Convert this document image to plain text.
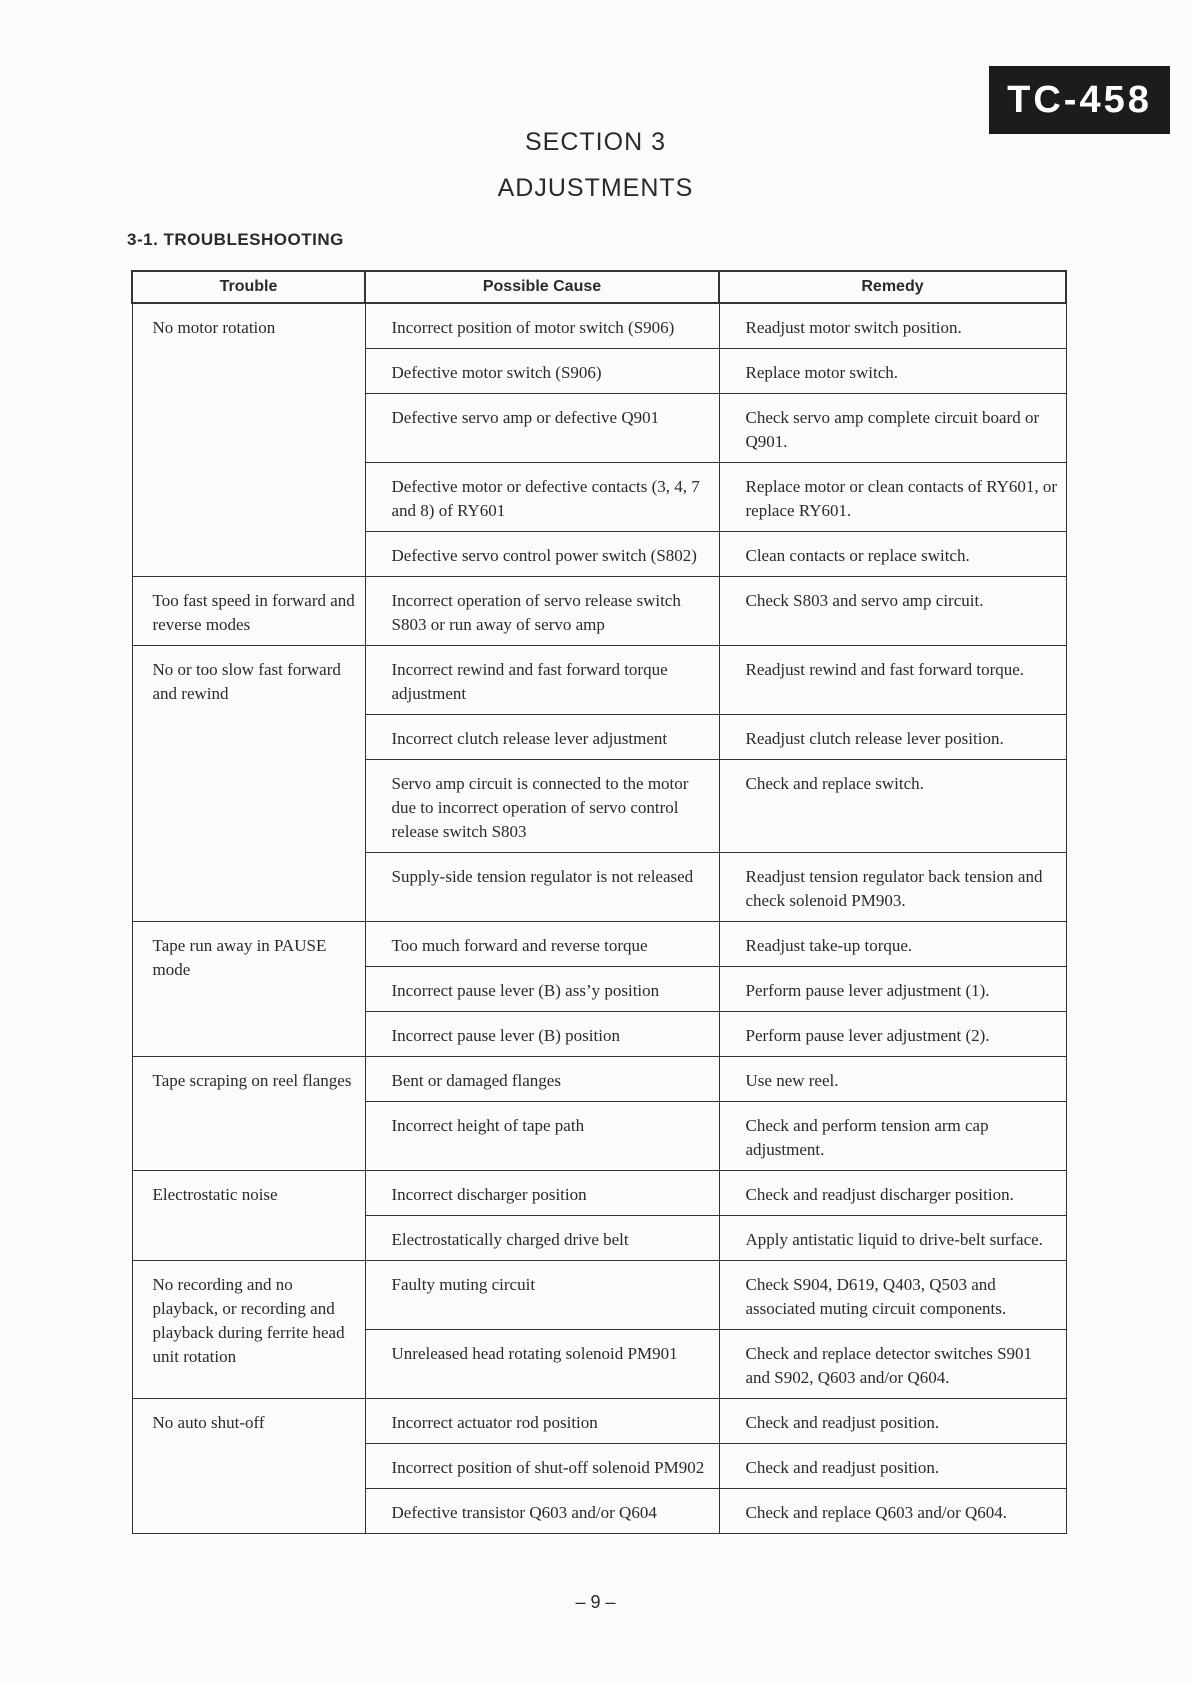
TC-458
SECTION 3
ADJUSTMENTS
3-1. TROUBLESHOOTING
Trouble	Possible Cause	Remedy
No motor rotation	Incorrect position of motor switch (S906)	Readjust motor switch position.
	Defective motor switch (S906)	Replace motor switch.
	Defective servo amp or defective Q901	Check servo amp complete circuit board or Q901.
	Defective motor or defective contacts (3, 4, 7 and 8) of RY601	Replace motor or clean contacts of RY601, or replace RY601.
	Defective servo control power switch (S802)	Clean contacts or replace switch.
Too fast speed in forward and reverse modes	Incorrect operation of servo release switch S803 or run away of servo amp	Check S803 and servo amp circuit.
No or too slow fast forward and rewind	Incorrect rewind and fast forward torque adjustment	Readjust rewind and fast forward torque.
	Incorrect clutch release lever adjustment	Readjust clutch release lever position.
	Servo amp circuit is connected to the motor due to incorrect operation of servo control release switch S803	Check and replace switch.
	Supply-side tension regulator is not released	Readjust tension regulator back tension and check solenoid PM903.
Tape run away in PAUSE mode	Too much forward and reverse torque	Readjust take-up torque.
	Incorrect pause lever (B) ass’y position	Perform pause lever adjustment (1).
	Incorrect pause lever (B) position	Perform pause lever adjustment (2).
Tape scraping on reel flanges	Bent or damaged flanges	Use new reel.
	Incorrect height of tape path	Check and perform tension arm cap adjustment.
Electrostatic noise	Incorrect discharger position	Check and readjust discharger position.
	Electrostatically charged drive belt	Apply antistatic liquid to drive-belt surface.
No recording and no playback, or recording and playback during ferrite head unit rotation	Faulty muting circuit	Check S904, D619, Q403, Q503 and associated muting circuit components.
	Unreleased head rotating solenoid PM901	Check and replace detector switches S901 and S902, Q603 and/or Q604.
No auto shut-off	Incorrect actuator rod position	Check and readjust position.
	Incorrect position of shut-off solenoid PM902	Check and readjust position.
	Defective transistor Q603 and/or Q604	Check and replace Q603 and/or Q604.
– 9 –
